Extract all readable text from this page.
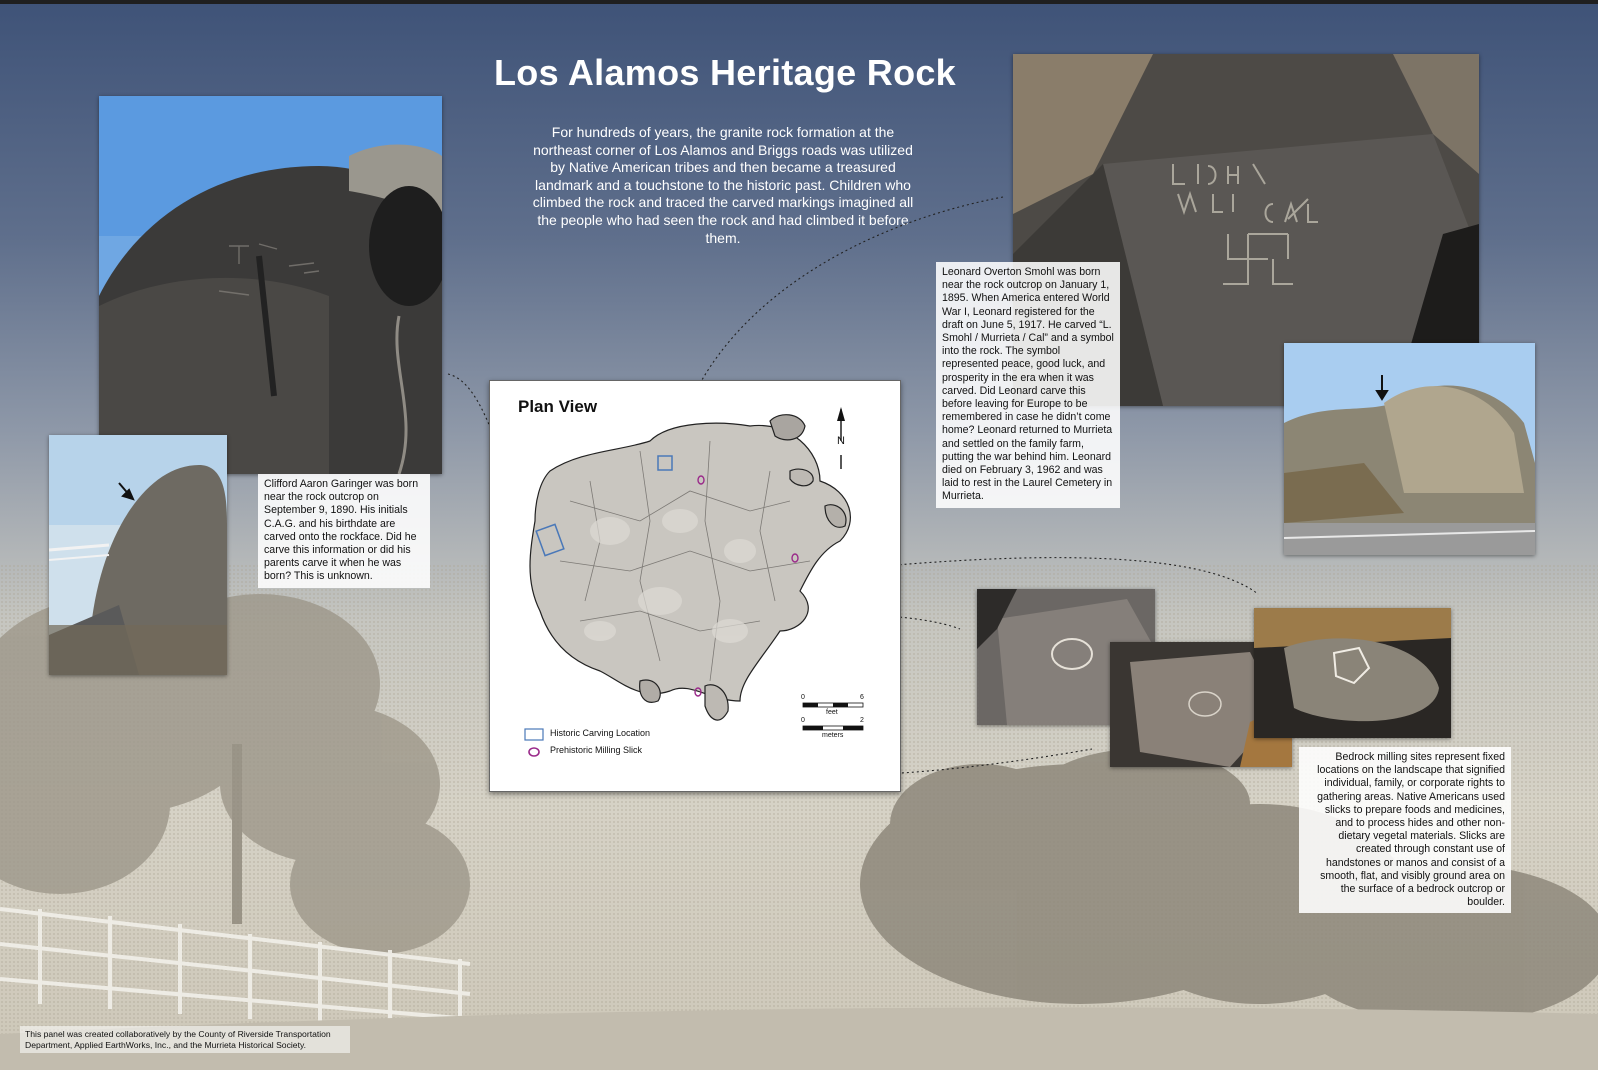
Los Alamos Heritage Rock
For hundreds of years, the granite rock formation at the northeast corner of Los Alamos and Briggs roads was utilized by Native American tribes and then became a treasured landmark and a touchstone to the historic past. Children who climbed the rock and traced the carved markings imagined all the people who had seen the rock and had climbed it before them.

Clifford Aaron Garinger was born near the rock outcrop on September 9, 1890. His initials C.A.G. and his birthdate are carved onto the rockface. Did he carve this information or did his parents carve it when he was born? This is unknown.

Leonard Overton Smohl was born near the rock outcrop on January 1, 1895. When America entered World War I, Leonard registered for the draft on June 5, 1917. He carved “L. Smohl / Murrieta / Cal” and a symbol into the rock. The symbol represented peace, good luck, and prosperity in the era when it was carved. Did Leonard carve this before leaving for Europe to be remembered in case he didn’t come home? Leonard returned to Murrieta and settled on the family farm, putting the war behind him. Leonard died on February 3, 1962 and was laid to rest in the Laurel Cemetery in Murrieta.

Bedrock milling sites represent fixed locations on the landscape that signified individual, family, or corporate rights to gathering areas. Native Americans used slicks to prepare foods and medicines, and to process hides and other non-dietary vegetal materials. Slicks are created through constant use of handstones or manos and consist of a smooth, flat, and visibly ground area on the surface of a bedrock outcrop or boulder.

Plan View
N
Historic Carving Location
Prehistoric Milling Slick
0	6
feet
0	2
meters
This panel was created collaboratively by the County of Riverside Transportation Department, Applied EarthWorks, Inc., and the Murrieta Historical Society.
